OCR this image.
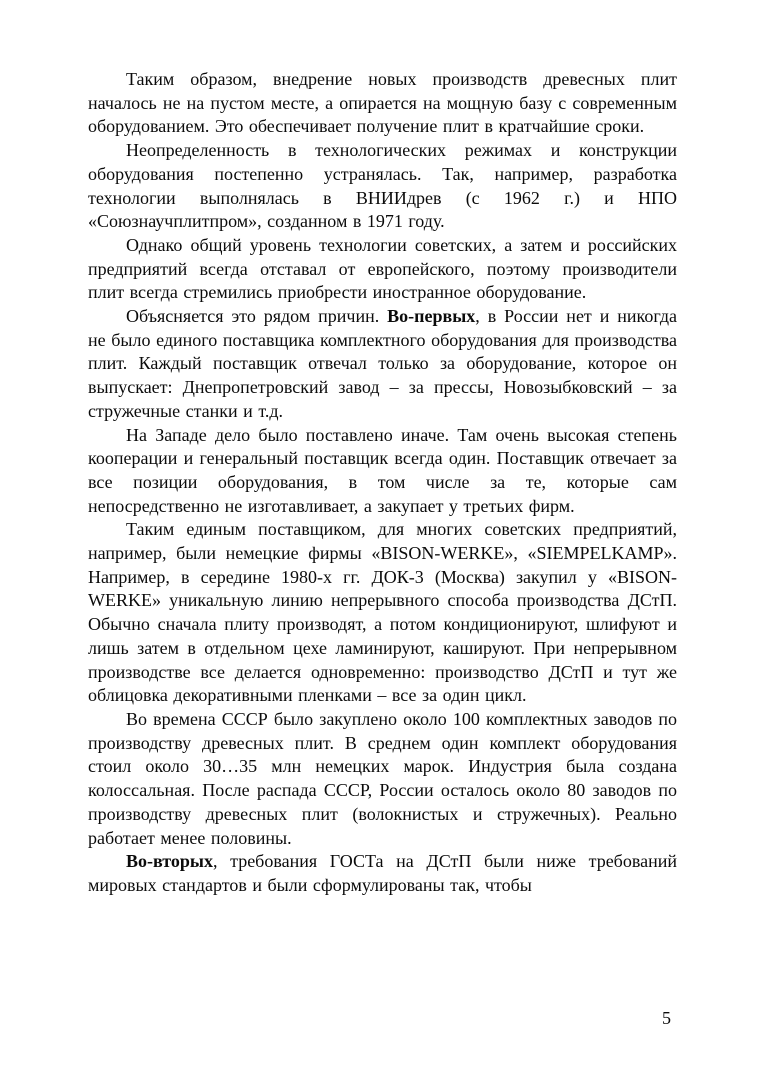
Таким образом, внедрение новых производств древесных плит началось не на пустом месте, а опирается на мощную базу с современным оборудованием. Это обеспечивает получение плит в кратчайшие сроки.

Неопределенность в технологических режимах и конструкции оборудования постепенно устранялась. Так, например, разработка технологии выполнялась в ВНИИдрев (с 1962 г.) и НПО «Союзнаучплитпром», созданном в 1971 году.

Однако общий уровень технологии советских, а затем и российских предприятий всегда отставал от европейского, поэтому производители плит всегда стремились приобрести иностранное оборудование.

Объясняется это рядом причин. Во-первых, в России нет и никогда не было единого поставщика комплектного оборудования для производства плит. Каждый поставщик отвечал только за оборудование, которое он выпускает: Днепропетровский завод – за прессы, Новозыбковский – за стружечные станки и т.д.

На Западе дело было поставлено иначе. Там очень высокая степень кооперации и генеральный поставщик всегда один. Поставщик отвечает за все позиции оборудования, в том числе за те, которые сам непосредственно не изготавливает, а закупает у третьих фирм.

Таким единым поставщиком, для многих советских предприятий, например, были немецкие фирмы «BISON-WERKE», «SIEMPELKAMP». Например, в середине 1980-х гг. ДОК-3 (Москва) закупил у «BISON-WERKE» уникальную линию непрерывного способа производства ДСтП. Обычно сначала плиту производят, а потом кондиционируют, шлифуют и лишь затем в отдельном цехе ламинируют, кашируют. При непрерывном производстве все делается одновременно: производство ДСтП и тут же облицовка декоративными пленками – все за один цикл.

Во времена СССР было закуплено около 100 комплектных заводов по производству древесных плит. В среднем один комплект оборудования стоил около 30…35 млн немецких марок. Индустрия была создана колоссальная. После распада СССР, России осталось около 80 заводов по производству древесных плит (волокнистых и стружечных). Реально работает менее половины.

Во-вторых, требования ГОСТа на ДСтП были ниже требований мировых стандартов и были сформулированы так, чтобы

5
